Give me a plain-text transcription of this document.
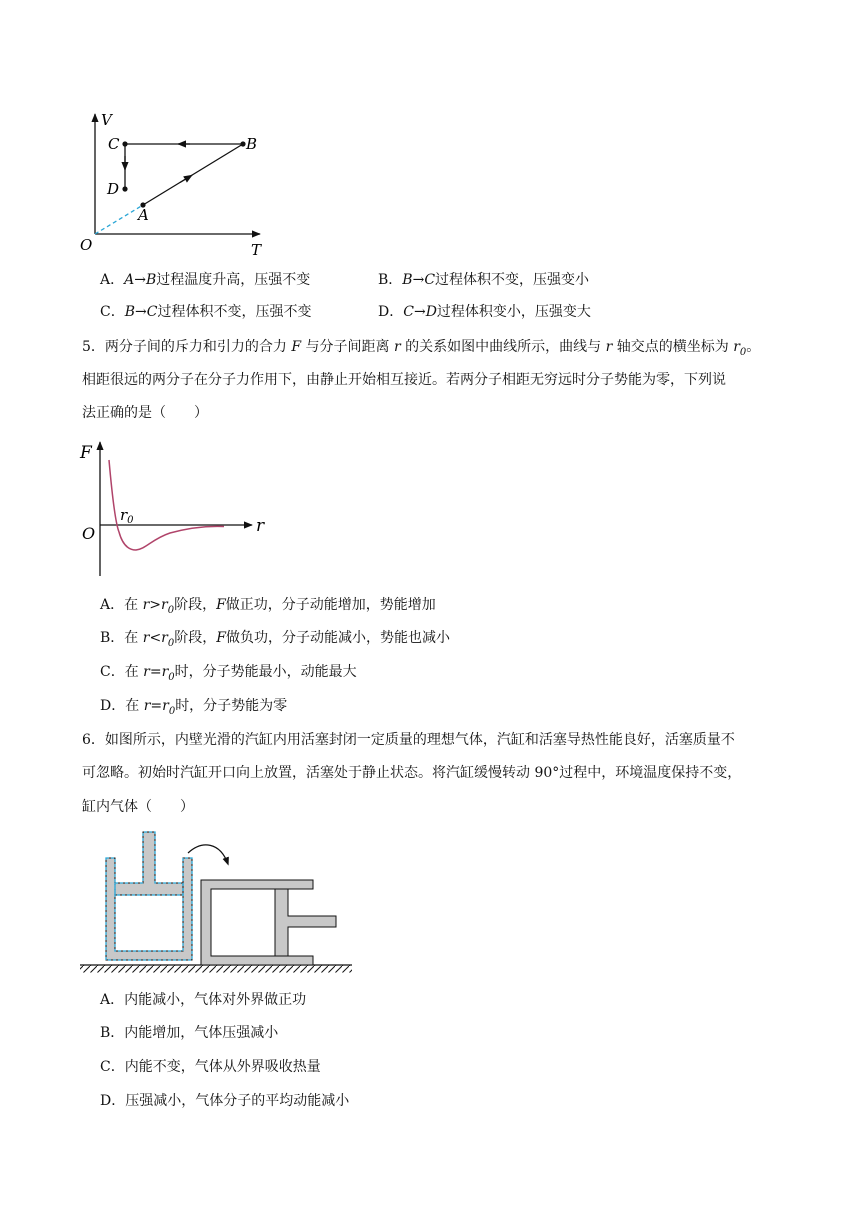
V
T
O
A
B
C
D
A．A→B过程温度升高，压强不变	B．B→C过程体积不变，压强变小
C．B→C过程体积不变，压强不变	D．C→D过程体积变小，压强变大
5．两分子间的斥力和引力的合力 F 与分子间距离 r 的关系如图中曲线所示，曲线与 r 轴交点的横坐标为 $r_0$。
相距很远的两分子在分子力作用下，由静止开始相互接近。若两分子相距无穷远时分子势能为零，下列说
法正确的是（　　）
F
O	r
$r_0$
A．在 $r>r_0$阶段，F做正功，分子动能增加，势能增加
B．在 $r<r_0$阶段，F做负功，分子动能减小，势能也减小
C．在 $r=r_0$时，分子势能最小，动能最大
D．在 $r=r_0$时，分子势能为零
6．如图所示，内壁光滑的汽缸内用活塞封闭一定质量的理想气体，汽缸和活塞导热性能良好，活塞质量不
可忽略。初始时汽缸开口向上放置，活塞处于静止状态。将汽缸缓慢转动 90°过程中，环境温度保持不变，
缸内气体（　　）
A．内能减小，气体对外界做正功
B．内能增加，气体压强减小
C．内能不变，气体从外界吸收热量
D．压强减小，气体分子的平均动能减小
